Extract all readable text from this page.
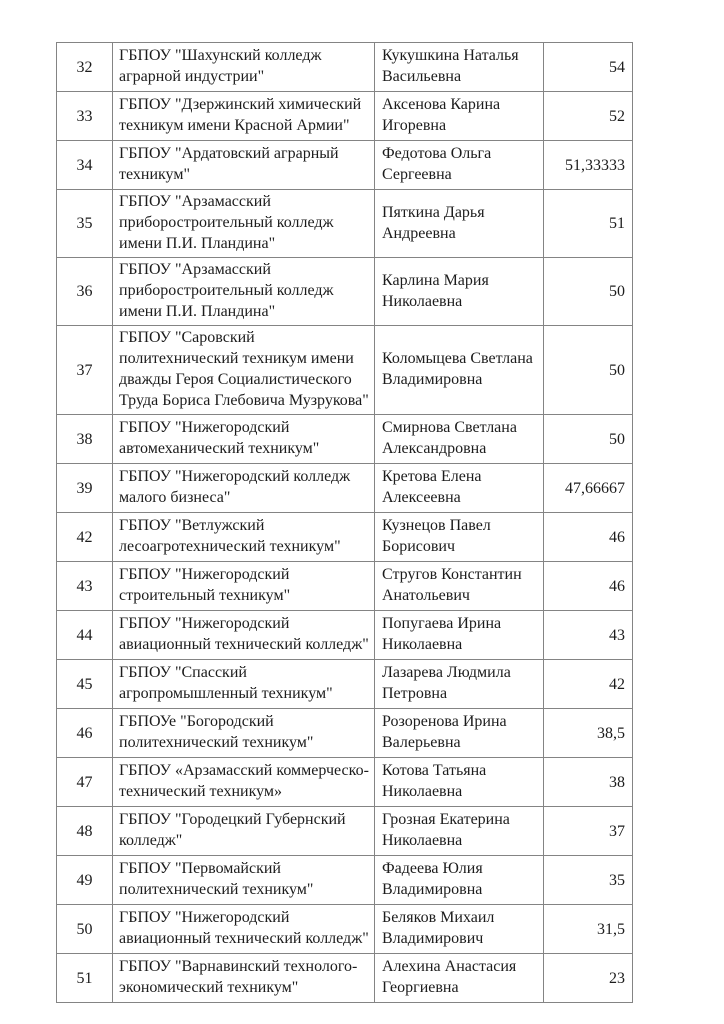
32	ГБПОУ "Шахунский колледж аграрной индустрии"	Кукушкина Наталья Васильевна	54
33	ГБПОУ "Дзержинский химический техникум имени Красной Армии"	Аксенова Карина Игоревна	52
34	ГБПОУ "Ардатовский аграрный техникум"	Федотова Ольга Сергеевна	51,33333
35	ГБПОУ "Арзамасский приборостроительный колледж имени П.И. Пландина"	Пяткина Дарья Андреевна	51
36	ГБПОУ "Арзамасский приборостроительный колледж имени П.И. Пландина"	Карлина Мария Николаевна	50
37	ГБПОУ "Саровский политехнический техникум имени дважды Героя Социалистического Труда Бориса Глебовича Музрукова"	Коломыцева Светлана Владимировна	50
38	ГБПОУ "Нижегородский автомеханический техникум"	Смирнова Светлана Александровна	50
39	ГБПОУ "Нижегородский колледж малого бизнеса"	Кретова Елена Алексеевна	47,66667
42	ГБПОУ "Ветлужский лесоагротехнический техникум"	Кузнецов Павел Борисович	46
43	ГБПОУ "Нижегородский строительный техникум"	Стругов Константин Анатольевич	46
44	ГБПОУ "Нижегородский авиационный технический колледж"	Попугаева Ирина Николаевна	43
45	ГБПОУ "Спасский агропромышленный техникум"	Лазарева Людмила Петровна	42
46	ГБПОУе "Богородский политехнический техникум"	Розоренова Ирина Валерьевна	38,5
47	ГБПОУ «Арзамасский коммерческо-технический техникум»	Котова Татьяна Николаевна	38
48	ГБПОУ "Городецкий Губернский колледж"	Грозная Екатерина Николаевна	37
49	ГБПОУ "Первомайский политехнический техникум"	Фадеева Юлия Владимировна	35
50	ГБПОУ "Нижегородский авиационный технический колледж"	Беляков Михаил Владимирович	31,5
51	ГБПОУ "Варнавинский технолого-экономический техникум"	Алехина Анастасия Георгиевна	23
